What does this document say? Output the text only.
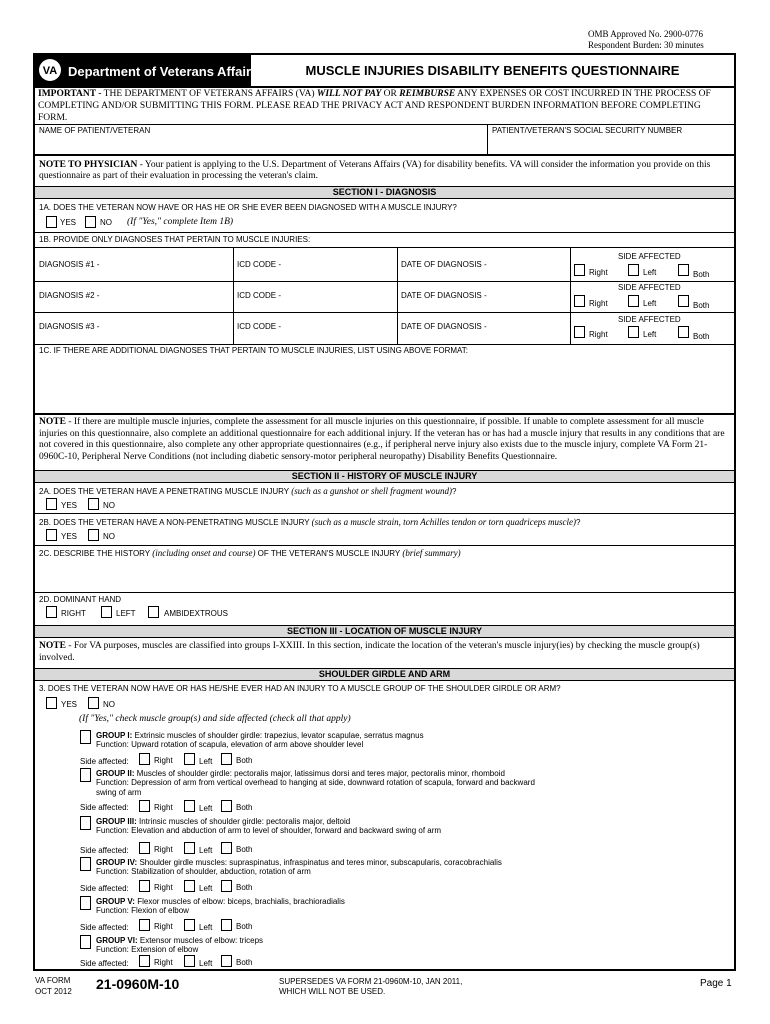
OMB Approved No. 2900-0776
Respondent Burden: 30 minutes
VA Department of Veterans Affairs	MUSCLE INJURIES DISABILITY BENEFITS QUESTIONNAIRE
IMPORTANT - THE DEPARTMENT OF VETERANS AFFAIRS (VA) WILL NOT PAY OR REIMBURSE ANY EXPENSES OR COST INCURRED IN THE PROCESS OF COMPLETING AND/OR SUBMITTING THIS FORM. PLEASE READ THE PRIVACY ACT AND RESPONDENT BURDEN INFORMATION BEFORE COMPLETING FORM.
NAME OF PATIENT/VETERAN	PATIENT/VETERAN'S SOCIAL SECURITY NUMBER
NOTE TO PHYSICIAN - Your patient is applying to the U.S. Department of Veterans Affairs (VA) for disability benefits. VA will consider the information you provide on this questionnaire as part of their evaluation in processing the veteran's claim.
SECTION I - DIAGNOSIS
1A. DOES THE VETERAN NOW HAVE OR HAS HE OR SHE EVER BEEN DIAGNOSED WITH A MUSCLE INJURY?
YES	NO (If "Yes," complete Item 1B)
1B. PROVIDE ONLY DIAGNOSES THAT PERTAIN TO MUSCLE INJURIES:
DIAGNOSIS #1 -	ICD CODE -	DATE OF DIAGNOSIS -
SIDE AFFECTED
Right	Left	Both
DIAGNOSIS #2 -	ICD CODE -	DATE OF DIAGNOSIS -
SIDE AFFECTED
Right	Left	Both
DIAGNOSIS #3 -	ICD CODE -	DATE OF DIAGNOSIS -
SIDE AFFECTED
Right	Left	Both
1C. IF THERE ARE ADDITIONAL DIAGNOSES THAT PERTAIN TO MUSCLE INJURIES, LIST USING ABOVE FORMAT:
NOTE - If there are multiple muscle injuries, complete the assessment for all muscle injuries on this questionnaire, if possible. If unable to complete assessment for all muscle injuries on this questionnaire, also complete an additional questionnaire for each additional injury. If the veteran has or has had a muscle injury that results in any conditions that are not covered in this questionnaire, also complete any other appropriate questionnaires (e.g., if peripheral nerve injury also exists due to the muscle injury, complete VA Form 21-0960C-10, Peripheral Nerve Conditions (not including diabetic sensory-motor peripheral neuropathy) Disability Benefits Questionnaire.
SECTION II - HISTORY OF MUSCLE INJURY
2A. DOES THE VETERAN HAVE A PENETRATING MUSCLE INJURY (such as a gunshot or shell fragment wound)?
YES	NO
2B. DOES THE VETERAN HAVE A NON-PENETRATING MUSCLE INJURY (such as a muscle strain, torn Achilles tendon or torn quadriceps muscle)?
YES	NO
2C. DESCRIBE THE HISTORY (including onset and course) OF THE VETERAN'S MUSCLE INJURY (brief summary)
2D. DOMINANT HAND
RIGHT	LEFT	AMBIDEXTROUS
SECTION III - LOCATION OF MUSCLE INJURY
NOTE - For VA purposes, muscles are classified into groups I-XXIII. In this section, indicate the location of the veteran's muscle injury(ies) by checking the muscle group(s) involved.
SHOULDER GIRDLE AND ARM
3. DOES THE VETERAN NOW HAVE OR HAS HE/SHE EVER HAD AN INJURY TO A MUSCLE GROUP OF THE SHOULDER GIRDLE OR ARM?
YES	NO
(If "Yes," check muscle group(s) and side affected (check all that apply)
GROUP I: Extrinsic muscles of shoulder girdle: trapezius, levator scapulae, serratus magnus
Function: Upward rotation of scapula, elevation of arm above shoulder level
Side affected:	Right	Left	Both
GROUP II: Muscles of shoulder girdle: pectoralis major, latissimus dorsi and teres major, pectoralis minor, rhomboid
Function: Depression of arm from vertical overhead to hanging at side, downward rotation of scapula, forward and backward swing of arm
Side affected:	Right	Left	Both
GROUP III: Intrinsic muscles of shoulder girdle: pectoralis major, deltoid
Function: Elevation and abduction of arm to level of shoulder, forward and backward swing of arm
Side affected:	Right	Left	Both
GROUP IV: Shoulder girdle muscles: supraspinatus, infraspinatus and teres minor, subscapularis, coracobrachialis
Function: Stabilization of shoulder, abduction, rotation of arm
Side affected:	Right	Left	Both
GROUP V: Flexor muscles of elbow: biceps, brachialis, brachioradialis
Function: Flexion of elbow
Side affected:	Right	Left	Both
GROUP VI: Extensor muscles of elbow: triceps
Function: Extension of elbow
Side affected:	Right	Left	Both
VA FORM
OCT 2012 21-0960M-10	SUPERSEDES VA FORM 21-0960M-10, JAN 2011,
WHICH WILL NOT BE USED.
Page 1
